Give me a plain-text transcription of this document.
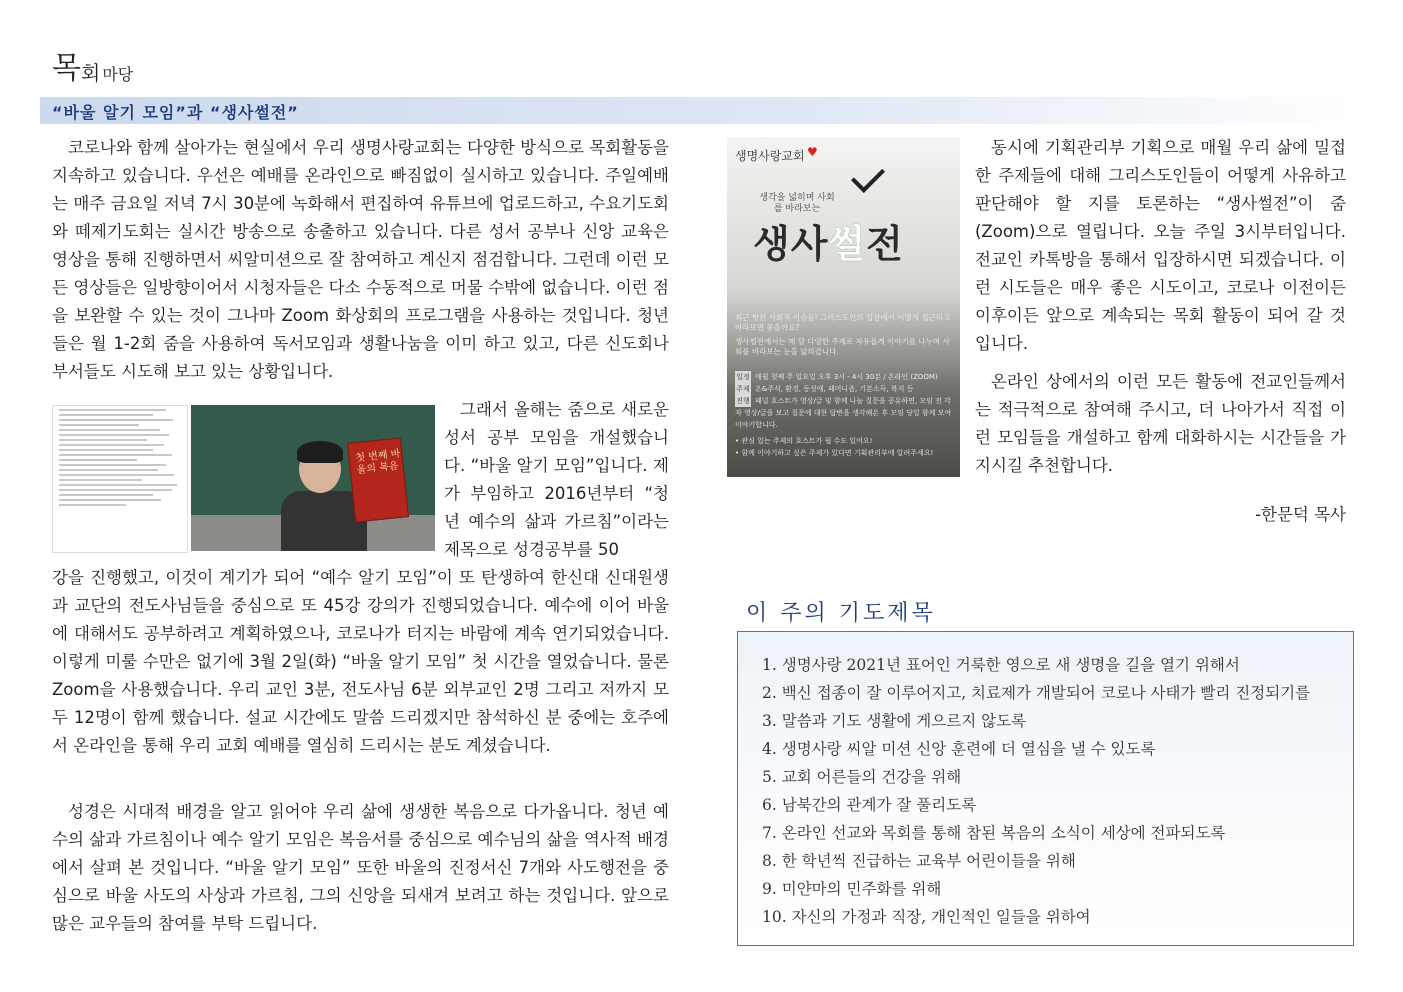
목 회 마당
“바울 알기 모임”과 “생사썰전”

코로나와 함께 살아가는 현실에서 우리 생명사랑교회는 다양한 방식으로 목회활동을 지속하고 있습니다. 우선은 예배를 온라인으로 빠짐없이 실시하고 있습니다. 주일예배는 매주 금요일 저녁 7시 30분에 녹화해서 편집하여 유튜브에 업로드하고, 수요기도회와 떼제기도회는 실시간 방송으로 송출하고 있습니다. 다른 성서 공부나 신앙 교육은 영상을 통해 진행하면서 씨알미션으로 잘 참여하고 계신지 점검합니다. 그런데 이런 모든 영상들은 일방향이어서 시청자들은 다소 수동적으로 머물 수밖에 없습니다. 이런 점을 보완할 수 있는 것이 그나마 Zoom 화상회의 프로그램을 사용하는 것입니다. 청년들은 월 1-2회 줌을 사용하여 독서모임과 생활나눔을 이미 하고 있고, 다른 신도회나 부서들도 시도해 보고 있는 상황입니다.

첫 번째 바울의 복음
그래서 올해는 줌으로 새로운 성서 공부 모임을 개설했습니다. “바울 알기 모임”입니다. 제가 부임하고 2016년부터 “청년 예수의 삶과 가르침”이라는 제목으로 성경공부를 50

강을 진행했고, 이것이 계기가 되어 “예수 알기 모임”이 또 탄생하여 한신대 신대원생과 교단의 전도사님들을 중심으로 또 45강 강의가 진행되었습니다. 예수에 이어 바울에 대해서도 공부하려고 계획하였으나, 코로나가 터지는 바람에 계속 연기되었습니다. 이렇게 미룰 수만은 없기에 3월 2일(화) “바울 알기 모임” 첫 시간을 열었습니다. 물론 Zoom을 사용했습니다. 우리 교인 3분, 전도사님 6분 외부교인 2명 그리고 저까지 모두 12명이 함께 했습니다. 설교 시간에도 말씀 드리겠지만 참석하신 분 중에는 호주에서 온라인을 통해 우리 교회 예배를 열심히 드리시는 분도 계셨습니다.

성경은 시대적 배경을 알고 읽어야 우리 삶에 생생한 복음으로 다가옵니다. 청년 예수의 삶과 가르침이나 예수 알기 모임은 복음서를 중심으로 예수님의 삶을 역사적 배경에서 살펴 본 것입니다. “바울 알기 모임” 또한 바울의 진정서신 7개와 사도행전을 중심으로 바울 사도의 사상과 가르침, 그의 신앙을 되새겨 보려고 하는 것입니다. 앞으로 많은 교우들의 참여를 부탁 드립니다.

생명사랑교회 ♥
생각을 넓히며 사회를 바라보는
생사썰전
최근 핫한 사회적 이슈들! 그리스도인의 입장에서 어떻게 접근하고 바라보면 좋을까요?
생사썰전에서는 매 달 다양한 주제로 자유롭게 이야기를 나누며 사회를 바라보는 눈을 넓혀갑니다.
일정 매월 첫째 주 일요일 오후 3시 - 4시 30분 / 온라인 (ZOOM)
주제 온&주식, 환경, 동성애, 페미니즘, 기본소득, 복지 등
진행 패널 호스트가 영상/글 및 함께 나눌 질문을 공유하면, 모임 전 각자 영상/글을 보고 질문에 대한 답변을 생각해온 후 모임 당일 함께 모여 이야기합니다.
• 관심 있는 주제의 호스트가 될 수도 있어요!
• 함께 이야기하고 싶은 주제가 있다면 기획관리부에 알려주세요!

동시에 기획관리부 기획으로 매월 우리 삶에 밀접한 주제들에 대해 그리스도인들이 어떻게 사유하고 판단해야 할 지를 토론하는 “생사썰전”이 줌(Zoom)으로 열립니다. 오늘 주일 3시부터입니다. 전교인 카톡방을 통해서 입장하시면 되겠습니다. 이런 시도들은 매우 좋은 시도이고, 코로나 이전이든 이후이든 앞으로 계속되는 목회 활동이 되어 갈 것입니다.

온라인 상에서의 이런 모든 활동에 전교인들께서는 적극적으로 참여해 주시고, 더 나아가서 직접 이런 모임들을 개설하고 함께 대화하시는 시간들을 가지시길 추천합니다.

-한문덕 목사
이 주의 기도제목
1. 생명사랑 2021년 표어인 거룩한 영으로 새 생명을 길을 열기 위해서
2. 백신 접종이 잘 이루어지고, 치료제가 개발되어 코로나 사태가 빨리 진정되기를
3. 말씀과 기도 생활에 게으르지 않도록
4. 생명사랑 씨알 미션 신앙 훈련에 더 열심을 낼 수 있도록
5. 교회 어른들의 건강을 위해
6. 남북간의 관계가 잘 풀리도록
7. 온라인 선교와 목회를 통해 참된 복음의 소식이 세상에 전파되도록
8. 한 학년씩 진급하는 교육부 어린이들을 위해
9. 미얀마의 민주화를 위해
10. 자신의 가정과 직장, 개인적인 일들을 위하여
